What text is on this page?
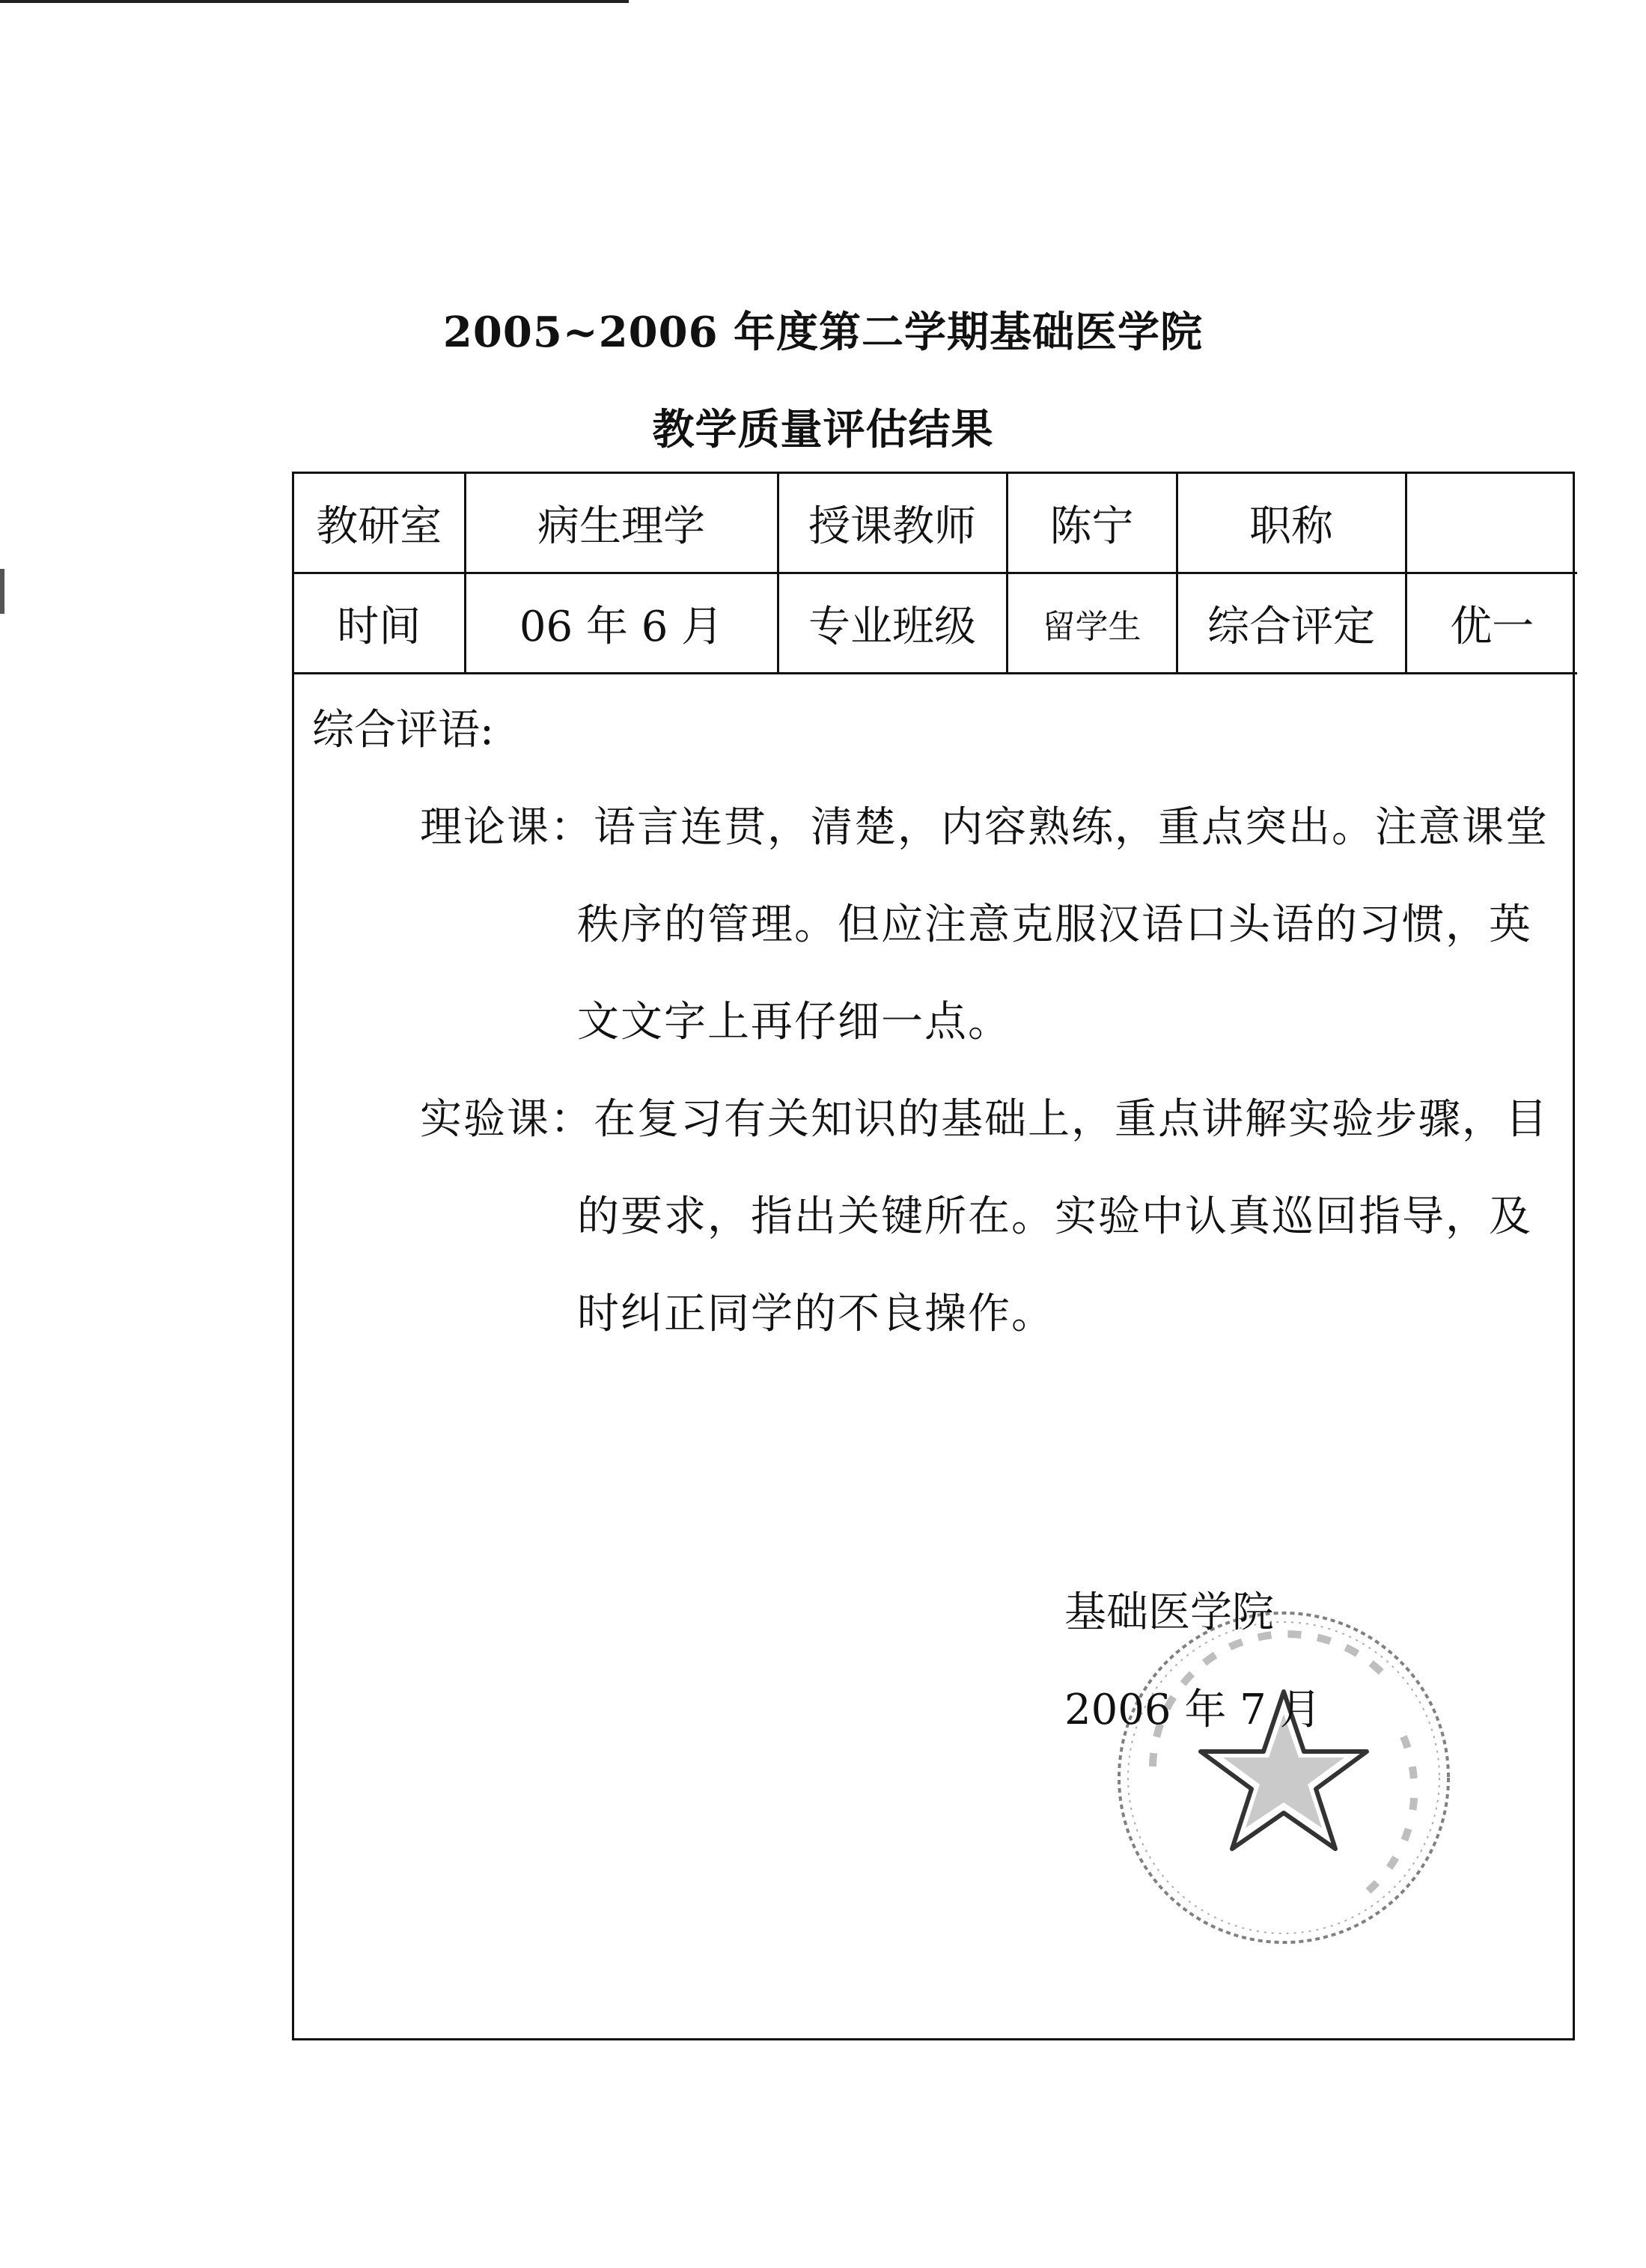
2005~2006 年度第二学期基础医学院
教学质量评估结果
教研室	病生理学	授课教师	陈宁	职称	
时间	06 年 6 月	专业班级	留学生	综合评定	优一
综合评语:
理论课：语言连贯，清楚，内容熟练，重点突出。注意课堂
秩序的管理。但应注意克服汉语口头语的习惯，英
文文字上再仔细一点。
实验课：在复习有关知识的基础上，重点讲解实验步骤，目
的要求，指出关键所在。实验中认真巡回指导，及
时纠正同学的不良操作。
基础医学院
2006 年 7 月
